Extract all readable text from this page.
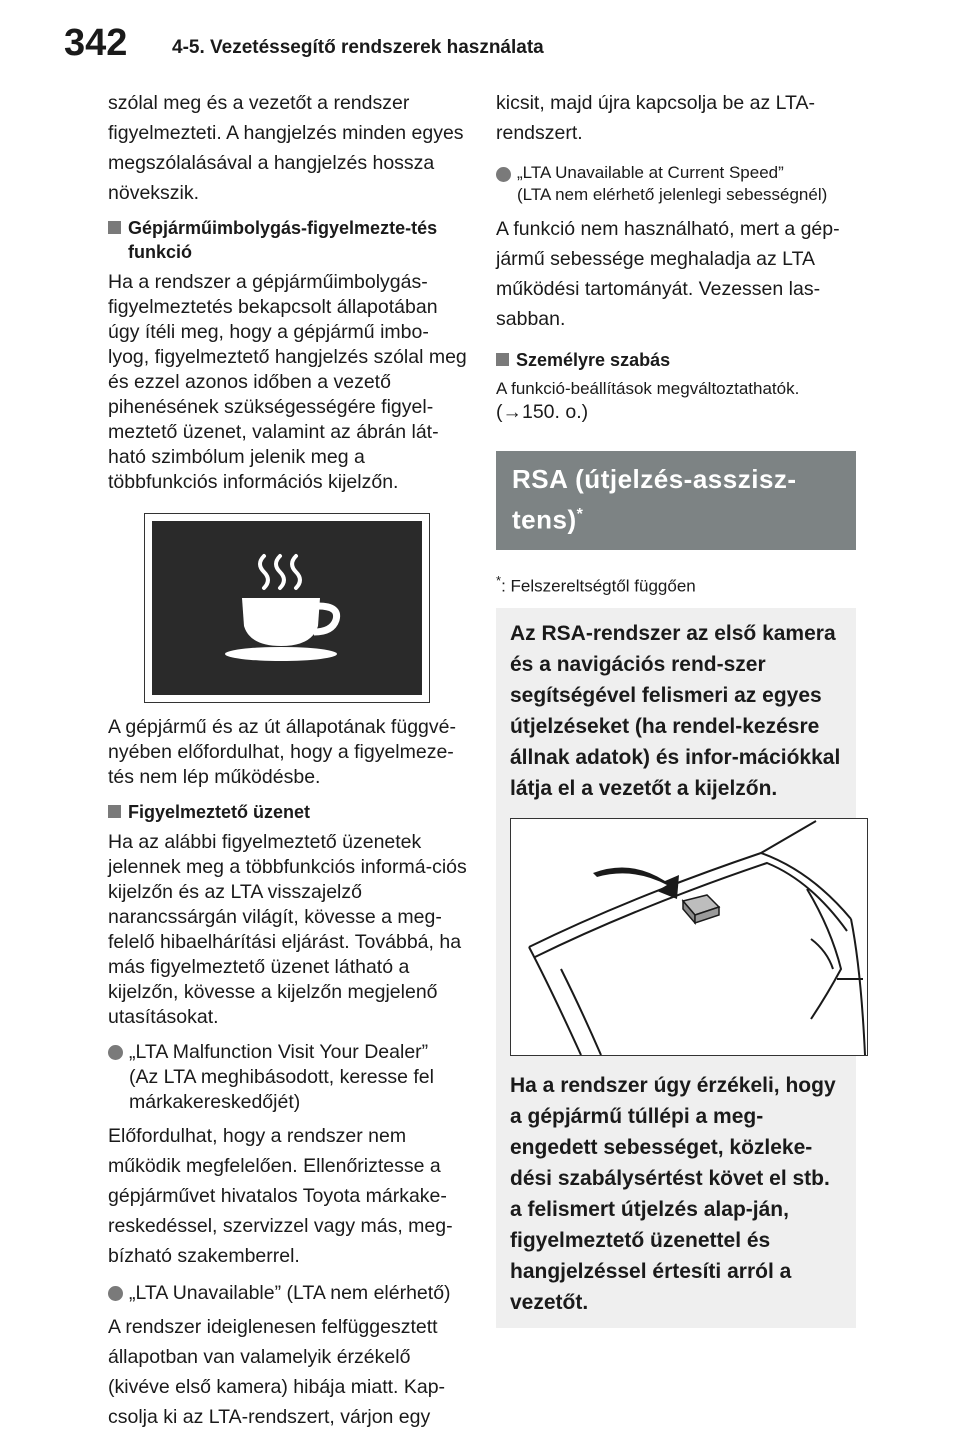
342 4-5. Vezetéssegítő rendszerek használata

szólal meg és a vezetőt a rendszer figyelmezteti. A hangjelzés minden egyes megszólalásával a hangjelzés hossza növekszik.

Gépjárműimbolygás-figyelmezte-tés funkció

Ha a rendszer a gépjárműimbolygás-figyelmeztetés bekapcsolt állapotában úgy ítéli meg, hogy a gépjármű imbo-lyog, figyelmeztető hangjelzés szólal meg és ezzel azonos időben a vezető pihenésének szükségességére figyel-meztető üzenet, valamint az ábrán lát-ható szimbólum jelenik meg a többfunkciós információs kijelzőn.

A gépjármű és az út állapotának függvé-nyében előfordulhat, hogy a figyelmeze-tés nem lép működésbe.

Figyelmeztető üzenet

Ha az alábbi figyelmeztető üzenetek jelennek meg a többfunkciós informá-ciós kijelzőn és az LTA visszajelző narancssárgán világít, kövesse a meg-felelő hibaelhárítási eljárást. Továbbá, ha más figyelmeztető üzenet látható a kijelzőn, kövesse a kijelzőn megjelenő utasításokat.

„LTA Malfunction Visit Your Dealer”

(Az LTA meghibásodott, keresse fel márkakereskedőjét)

Előfordulhat, hogy a rendszer nem működik megfelelően. Ellenőriztesse a gépjárművet hivatalos Toyota márkake-reskedéssel, szervizzel vagy más, meg-bízható szakemberrel.

„LTA Unavailable” (LTA nem elérhető)

A rendszer ideiglenesen felfüggesztett állapotban van valamelyik érzékelő (kivéve első kamera) hibája miatt. Kap-csolja ki az LTA-rendszert, várjon egy

kicsit, majd újra kapcsolja be az LTA-rendszert.

„LTA Unavailable at Current Speed”

(LTA nem elérhető jelenlegi sebességnél)

A funkció nem használható, mert a gép-jármű sebessége meghaladja az LTA működési tartományát. Vezessen las-sabban.

Személyre szabás

A funkció-beállítások megváltoztathatók.

(→150. o.)

RSA (útjelzés-asszisz-tens)*

*: Felszereltségtől függően

Az RSA-rendszer az első kamera és a navigációs rend-szer segítségével felismeri az egyes útjelzéseket (ha rendel-kezésre állnak adatok) és infor-mációkkal látja el a vezetőt a kijelzőn.

Ha a rendszer úgy érzékeli, hogy a gépjármű túllépi a meg-engedett sebességet, közleke-dési szabálysértést követ el stb. a felismert útjelzés alap-ján, figyelmeztető üzenettel és hangjelzéssel értesíti arról a vezetőt.
